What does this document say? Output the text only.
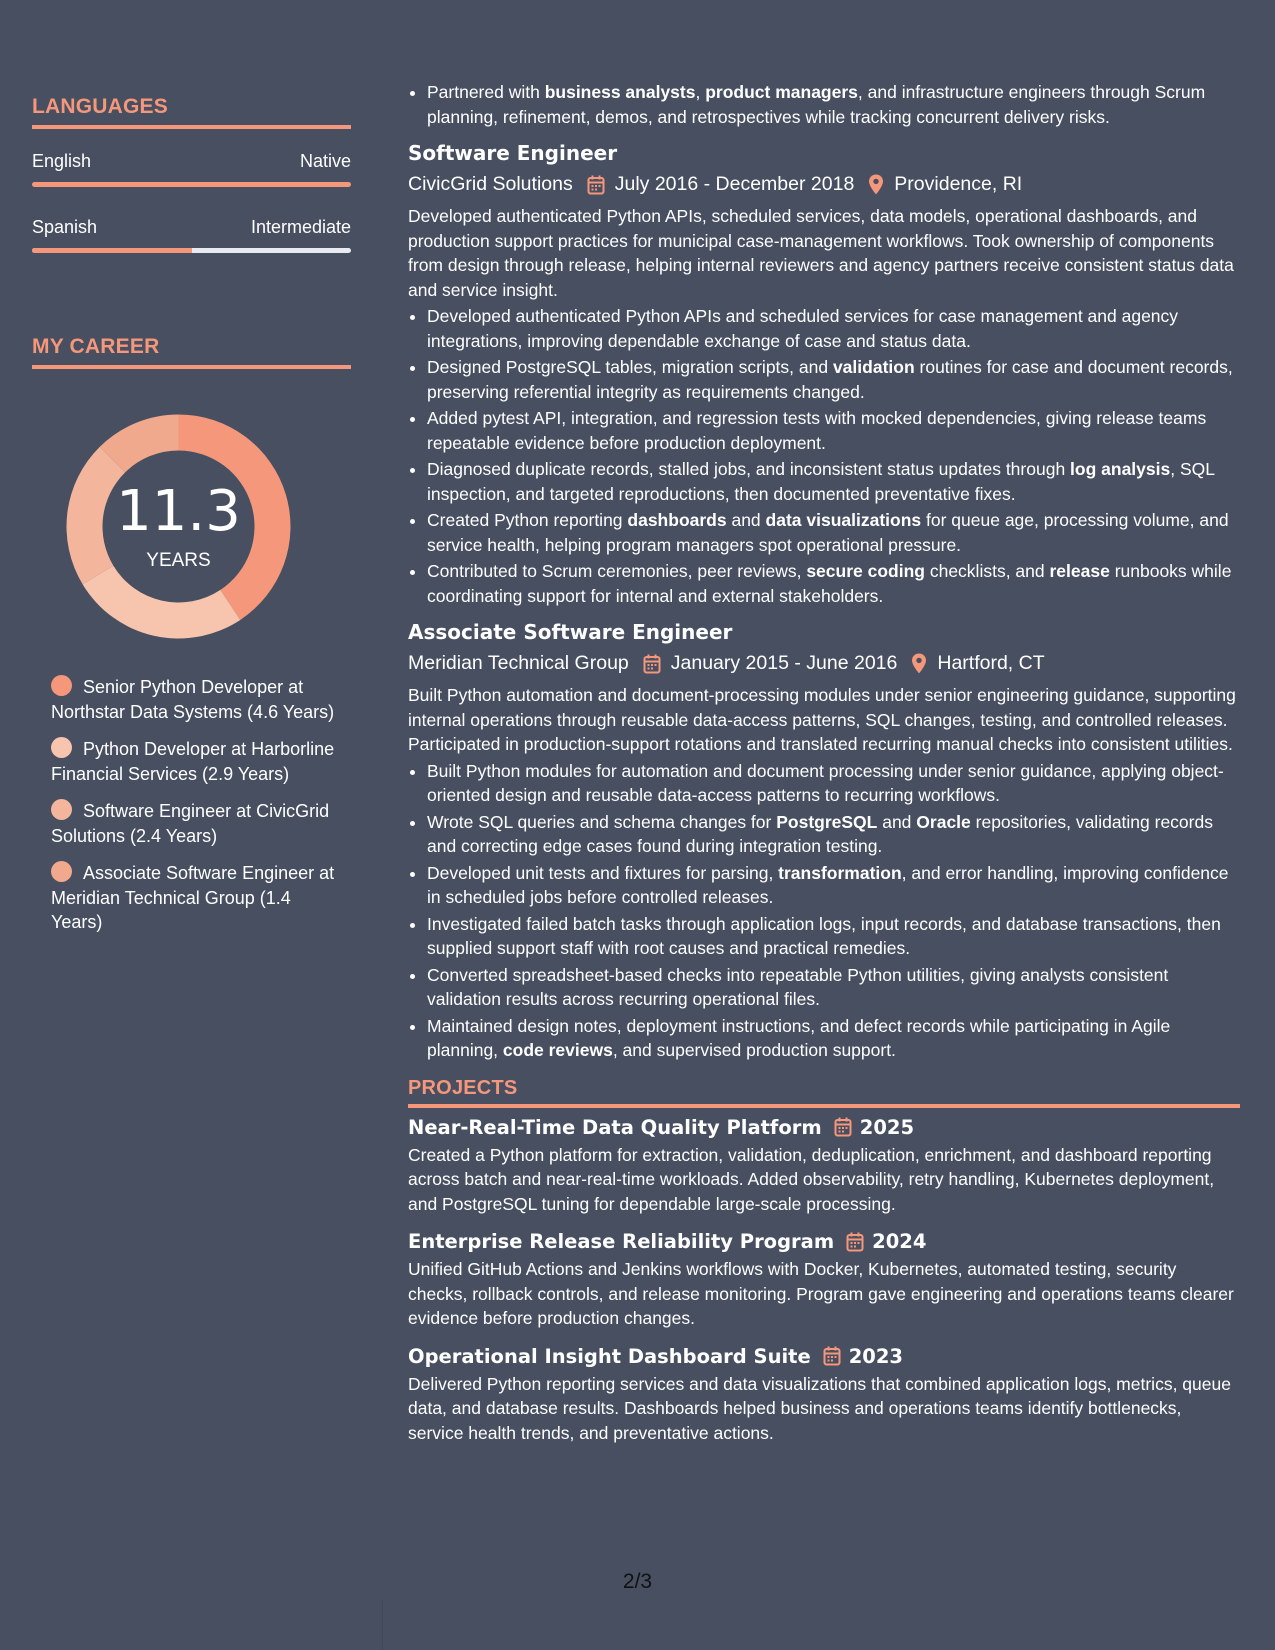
LANGUAGES
English	Native
Spanish	Intermediate
MY CAREER
11.3
YEARS
Senior Python Developer at Northstar Data Systems (4.6 Years)
Python Developer at Harborline Financial Services (2.9 Years)
Software Engineer at CivicGrid Solutions (2.4 Years)
Associate Software Engineer at Meridian Technical Group (1.4 Years)
• Partnered with business analysts, product managers, and infrastructure engineers through Scrum planning, refinement, demos, and retrospectives while tracking concurrent delivery risks.
Software Engineer
CivicGrid Solutions July 2016 - December 2018 Providence, RI

Developed authenticated Python APIs, scheduled services, data models, operational dashboards, and production support practices for municipal case-management workflows. Took ownership of components from design through release, helping internal reviewers and agency partners receive consistent status data and service insight.

• Developed authenticated Python APIs and scheduled services for case management and agency integrations, improving dependable exchange of case and status data.
• Designed PostgreSQL tables, migration scripts, and validation routines for case and document records, preserving referential integrity as requirements changed.
• Added pytest API, integration, and regression tests with mocked dependencies, giving release teams repeatable evidence before production deployment.
• Diagnosed duplicate records, stalled jobs, and inconsistent status updates through log analysis, SQL inspection, and targeted reproductions, then documented preventative fixes.
• Created Python reporting dashboards and data visualizations for queue age, processing volume, and service health, helping program managers spot operational pressure.
• Contributed to Scrum ceremonies, peer reviews, secure coding checklists, and release runbooks while coordinating support for internal and external stakeholders.
Associate Software Engineer
Meridian Technical Group January 2015 - June 2016 Hartford, CT

Built Python automation and document-processing modules under senior engineering guidance, supporting internal operations through reusable data-access patterns, SQL changes, testing, and controlled releases. Participated in production-support rotations and translated recurring manual checks into consistent utilities.

• Built Python modules for automation and document processing under senior guidance, applying object-oriented design and reusable data-access patterns to recurring workflows.
• Wrote SQL queries and schema changes for PostgreSQL and Oracle repositories, validating records and correcting edge cases found during integration testing.
• Developed unit tests and fixtures for parsing, transformation, and error handling, improving confidence in scheduled jobs before controlled releases.
• Investigated failed batch tasks through application logs, input records, and database transactions, then supplied support staff with root causes and practical remedies.
• Converted spreadsheet-based checks into repeatable Python utilities, giving analysts consistent validation results across recurring operational files.
• Maintained design notes, deployment instructions, and defect records while participating in Agile planning, code reviews, and supervised production support.
PROJECTS
Near-Real-Time Data Quality Platform 2025

Created a Python platform for extraction, validation, deduplication, enrichment, and dashboard reporting across batch and near-real-time workloads. Added observability, retry handling, Kubernetes deployment, and PostgreSQL tuning for dependable large-scale processing.

Enterprise Release Reliability Program 2024

Unified GitHub Actions and Jenkins workflows with Docker, Kubernetes, automated testing, security checks, rollback controls, and release monitoring. Program gave engineering and operations teams clearer evidence before production changes.

Operational Insight Dashboard Suite 2023

Delivered Python reporting services and data visualizations that combined application logs, metrics, queue data, and database results. Dashboards helped business and operations teams identify bottlenecks, service health trends, and preventative actions.

2/3
